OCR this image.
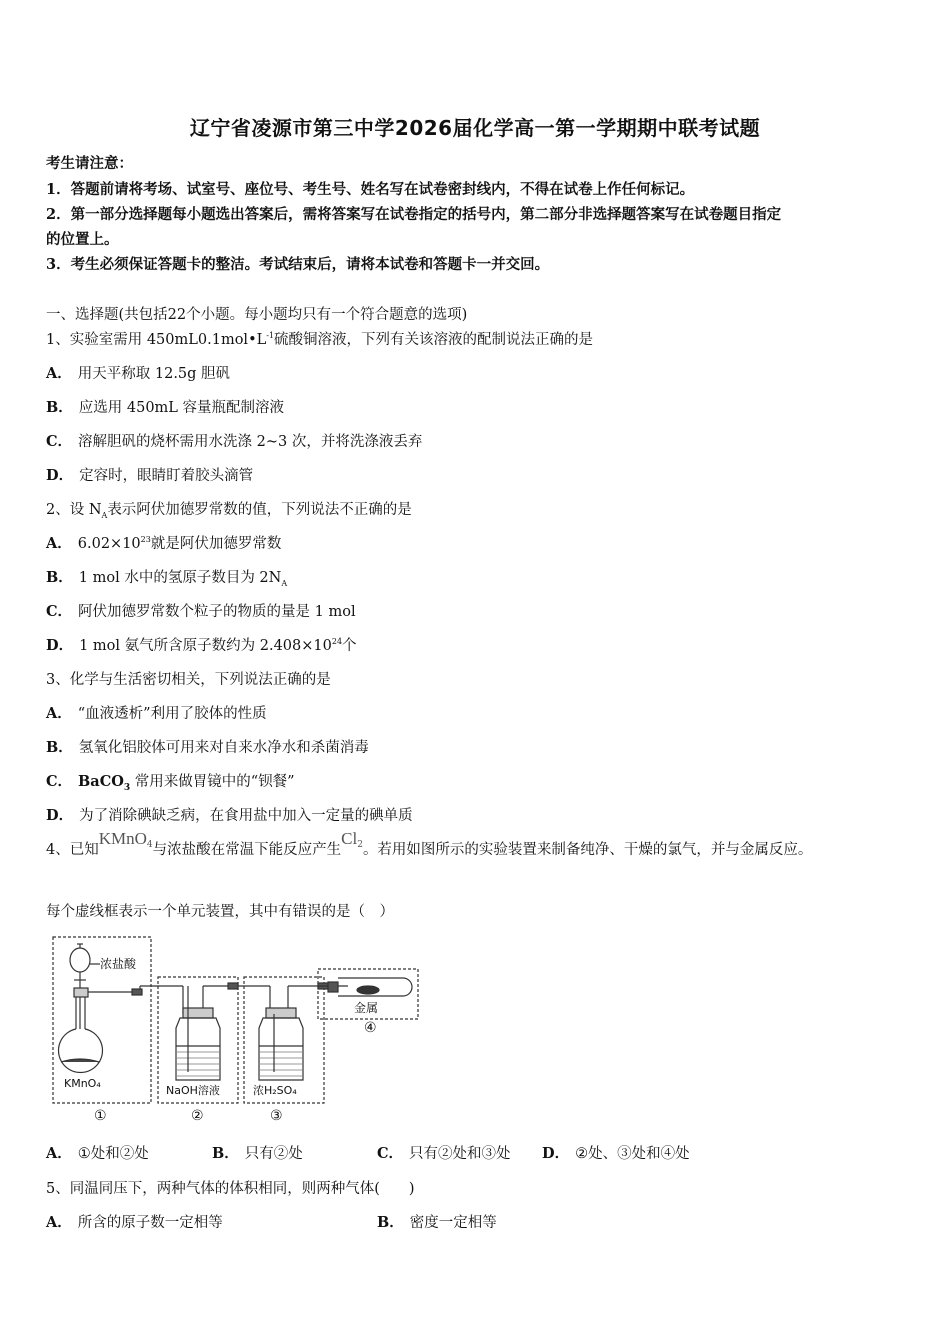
辽宁省凌源市第三中学2026届化学高一第一学期期中联考试题
考生请注意：
1．答题前请将考场、试室号、座位号、考生号、姓名写在试卷密封线内，不得在试卷上作任何标记。
2．第一部分选择题每小题选出答案后，需将答案写在试卷指定的括号内，第二部分非选择题答案写在试卷题目指定
的位置上。
3．考生必须保证答题卡的整洁。考试结束后，请将本试卷和答题卡一并交回。
一、选择题(共包括22个小题。每小题均只有一个符合题意的选项)
1、实验室需用 $450mL0.1mol•L^{-1}$硫酸铜溶液，下列有关该溶液的配制说法正确的是
A． 用天平称取 12.5g 胆矾
B． 应选用 450mL 容量瓶配制溶液
C． 溶解胆矾的烧杯需用水洗涤 2~3 次，并将洗涤液丢弃
D． 定容时，眼睛盯着胶头滴管
2、设 $N_A$表示阿伏加德罗常数的值，下列说法不正确的是
A． $6.02\times 10^{23}$就是阿伏加德罗常数
B． 1 mol 水中的氢原子数目为 $2N_A$
C． 阿伏加德罗常数个粒子的物质的量是 1 mol
D． 1 mol 氨气所含原子数约为 $2.408\times 10^{24}$个
3、化学与生活密切相关，下列说法正确的是
A． “血液透析”利用了胶体的性质
B． 氢氧化铝胶体可用来对自来水净水和杀菌消毒
C． BaCO$_3$ 常用来做胃镜中的“钡餐”
D． 为了消除碘缺乏病，在食用盐中加入一定量的碘单质
4、已知KMnO$^4$与浓盐酸在常温下能反应产生Cl$^2$。若用如图所示的实验装置来制备纯净、干燥的氯气，并与金属反应。
每个虚线框表示一个单元装置，其中有错误的是（　）
浓盐酸
KMnO₄
NaOH溶液	浓H₂SO₄
金属
①	②	③
④
A． ①处和②处	B． 只有②处	C． 只有②处和③处 D． ②处、③处和④处
5、同温同压下，两种气体的体积相同，则两种气体(　　)
A． 所含的原子数一定相等	B． 密度一定相等
